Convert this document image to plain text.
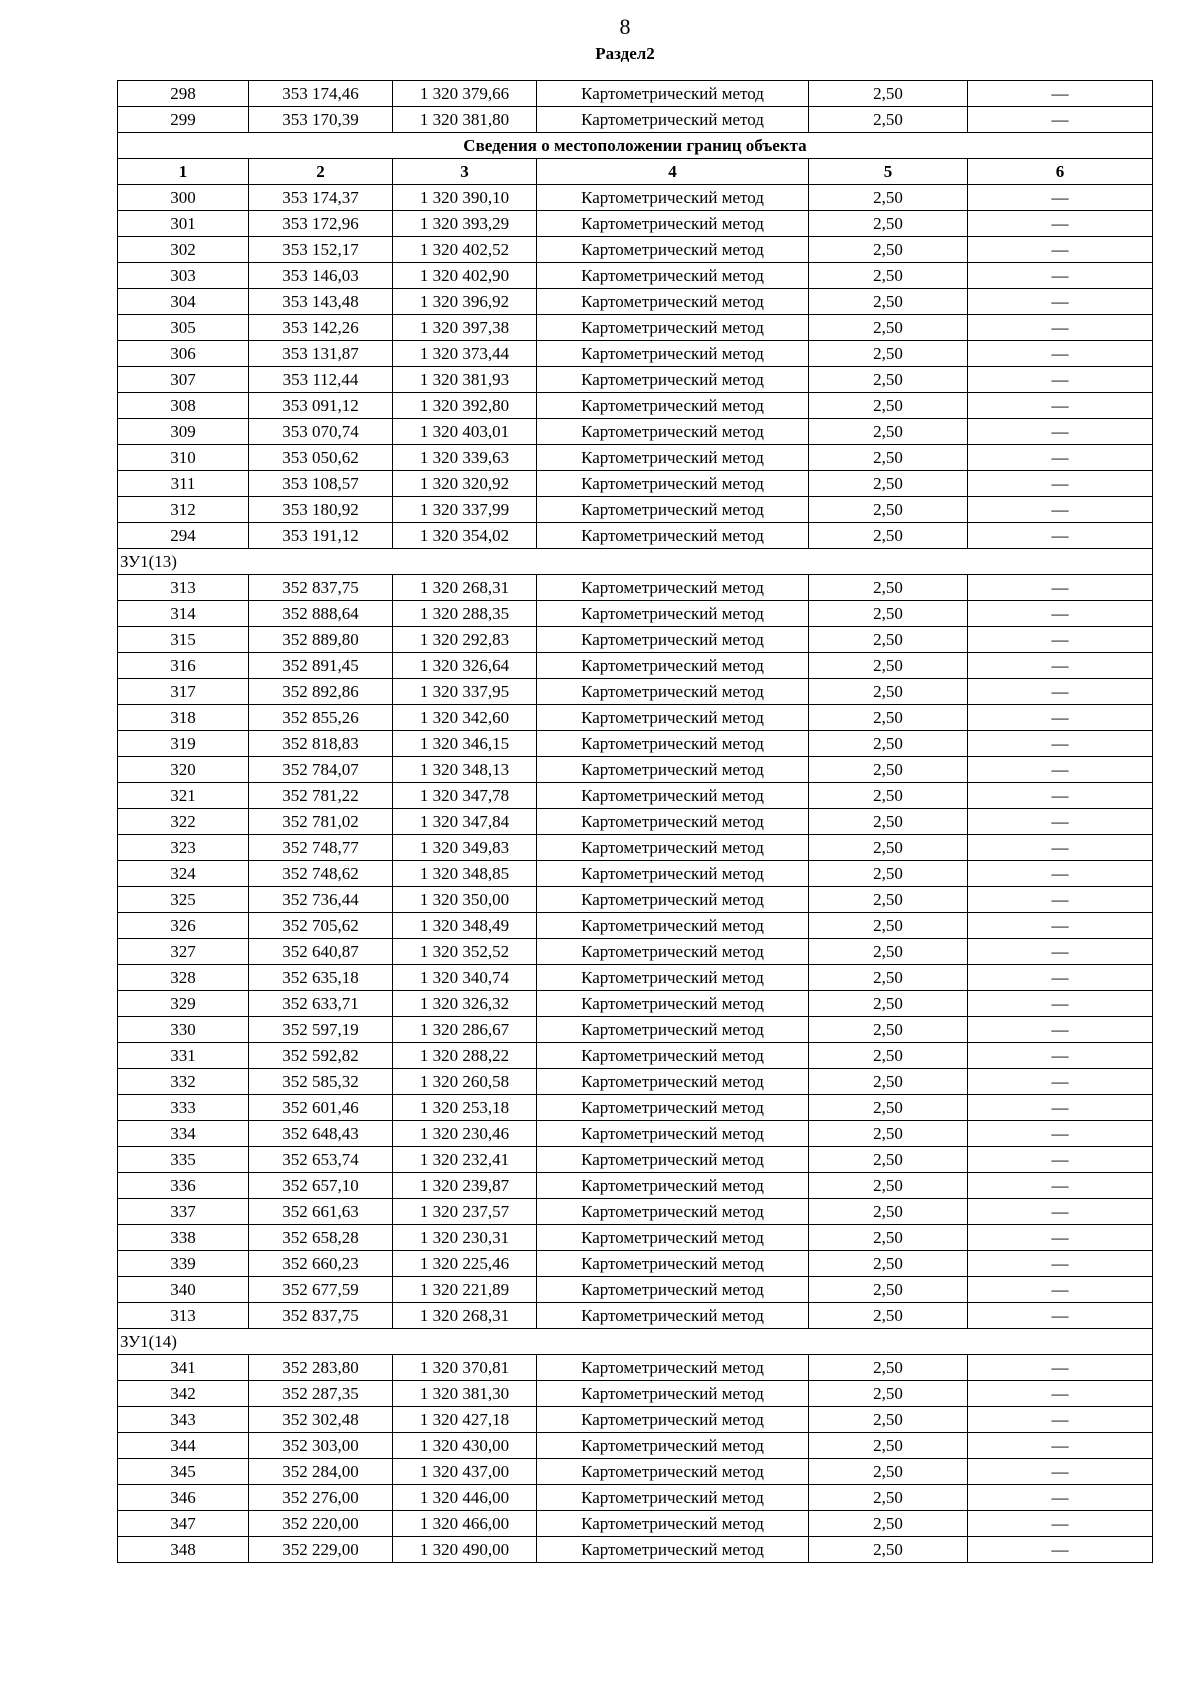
8
Раздел2
298	353 174,46	1 320 379,66	Картометрический метод	2,50	—
299	353 170,39	1 320 381,80	Картометрический метод	2,50	—
Сведения о местоположении границ объекта					
1	2	3	4	5	6
300	353 174,37	1 320 390,10	Картометрический метод	2,50	—
301	353 172,96	1 320 393,29	Картометрический метод	2,50	—
302	353 152,17	1 320 402,52	Картометрический метод	2,50	—
303	353 146,03	1 320 402,90	Картометрический метод	2,50	—
304	353 143,48	1 320 396,92	Картометрический метод	2,50	—
305	353 142,26	1 320 397,38	Картометрический метод	2,50	—
306	353 131,87	1 320 373,44	Картометрический метод	2,50	—
307	353 112,44	1 320 381,93	Картометрический метод	2,50	—
308	353 091,12	1 320 392,80	Картометрический метод	2,50	—
309	353 070,74	1 320 403,01	Картометрический метод	2,50	—
310	353 050,62	1 320 339,63	Картометрический метод	2,50	—
311	353 108,57	1 320 320,92	Картометрический метод	2,50	—
312	353 180,92	1 320 337,99	Картометрический метод	2,50	—
294	353 191,12	1 320 354,02	Картометрический метод	2,50	—
ЗУ1(13)					
313	352 837,75	1 320 268,31	Картометрический метод	2,50	—
314	352 888,64	1 320 288,35	Картометрический метод	2,50	—
315	352 889,80	1 320 292,83	Картометрический метод	2,50	—
316	352 891,45	1 320 326,64	Картометрический метод	2,50	—
317	352 892,86	1 320 337,95	Картометрический метод	2,50	—
318	352 855,26	1 320 342,60	Картометрический метод	2,50	—
319	352 818,83	1 320 346,15	Картометрический метод	2,50	—
320	352 784,07	1 320 348,13	Картометрический метод	2,50	—
321	352 781,22	1 320 347,78	Картометрический метод	2,50	—
322	352 781,02	1 320 347,84	Картометрический метод	2,50	—
323	352 748,77	1 320 349,83	Картометрический метод	2,50	—
324	352 748,62	1 320 348,85	Картометрический метод	2,50	—
325	352 736,44	1 320 350,00	Картометрический метод	2,50	—
326	352 705,62	1 320 348,49	Картометрический метод	2,50	—
327	352 640,87	1 320 352,52	Картометрический метод	2,50	—
328	352 635,18	1 320 340,74	Картометрический метод	2,50	—
329	352 633,71	1 320 326,32	Картометрический метод	2,50	—
330	352 597,19	1 320 286,67	Картометрический метод	2,50	—
331	352 592,82	1 320 288,22	Картометрический метод	2,50	—
332	352 585,32	1 320 260,58	Картометрический метод	2,50	—
333	352 601,46	1 320 253,18	Картометрический метод	2,50	—
334	352 648,43	1 320 230,46	Картометрический метод	2,50	—
335	352 653,74	1 320 232,41	Картометрический метод	2,50	—
336	352 657,10	1 320 239,87	Картометрический метод	2,50	—
337	352 661,63	1 320 237,57	Картометрический метод	2,50	—
338	352 658,28	1 320 230,31	Картометрический метод	2,50	—
339	352 660,23	1 320 225,46	Картометрический метод	2,50	—
340	352 677,59	1 320 221,89	Картометрический метод	2,50	—
313	352 837,75	1 320 268,31	Картометрический метод	2,50	—
ЗУ1(14)					
341	352 283,80	1 320 370,81	Картометрический метод	2,50	—
342	352 287,35	1 320 381,30	Картометрический метод	2,50	—
343	352 302,48	1 320 427,18	Картометрический метод	2,50	—
344	352 303,00	1 320 430,00	Картометрический метод	2,50	—
345	352 284,00	1 320 437,00	Картометрический метод	2,50	—
346	352 276,00	1 320 446,00	Картометрический метод	2,50	—
347	352 220,00	1 320 466,00	Картометрический метод	2,50	—
348	352 229,00	1 320 490,00	Картометрический метод	2,50	—
